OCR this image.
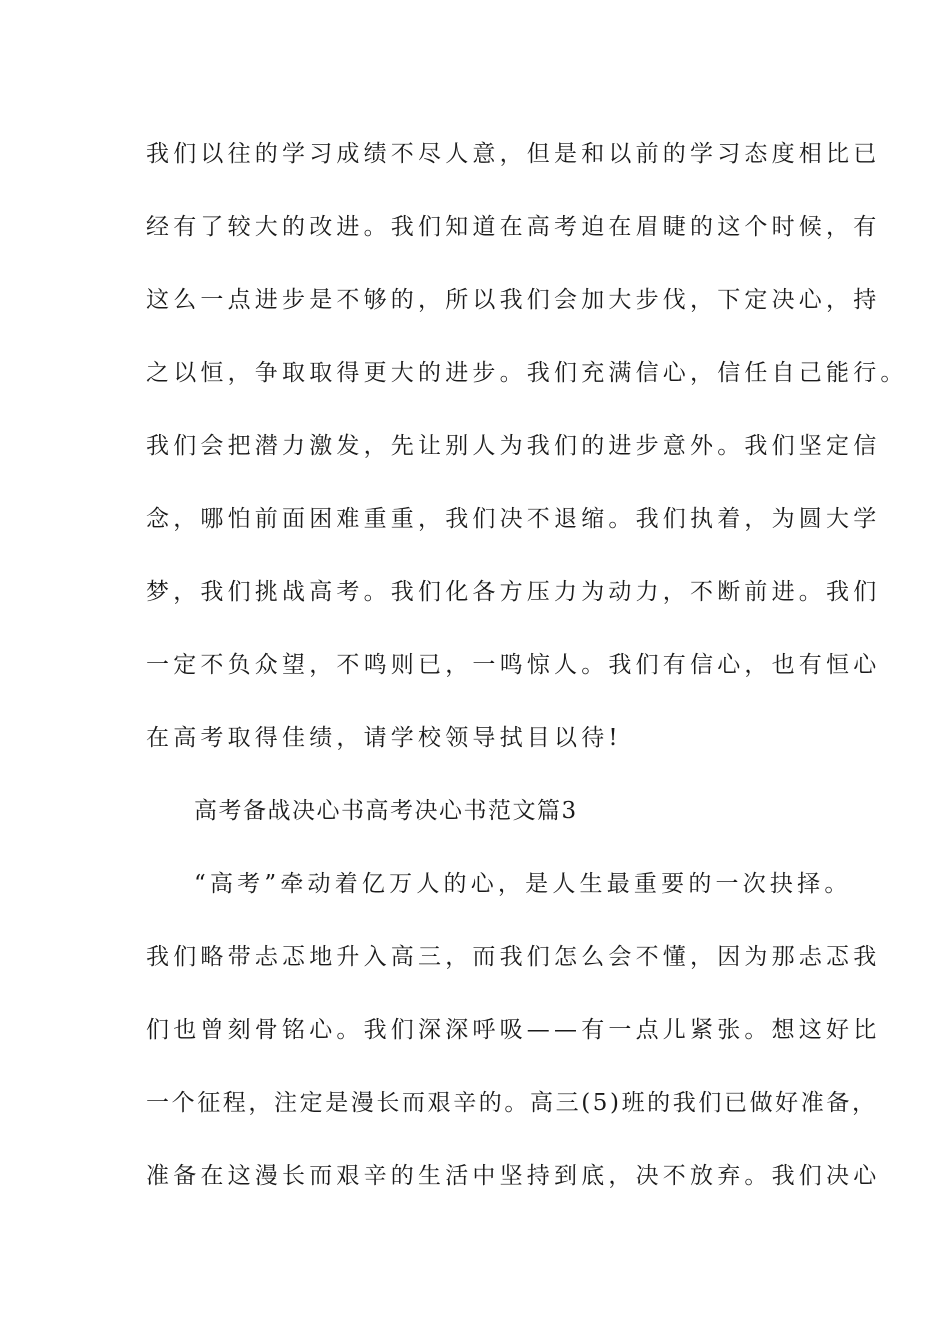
我们以往的学习成绩不尽人意，但是和以前的学习态度相比已
经有了较大的改进。我们知道在高考迫在眉睫的这个时候，有
这么一点进步是不够的，所以我们会加大步伐，下定决心，持
之以恒，争取取得更大的进步。我们充满信心，信任自己能行。
我们会把潜力激发，先让别人为我们的进步意外。我们坚定信
念，哪怕前面困难重重，我们决不退缩。我们执着，为圆大学
梦，我们挑战高考。我们化各方压力为动力，不断前进。我们
一定不负众望，不鸣则已，一鸣惊人。我们有信心，也有恒心
在高考取得佳绩，请学校领导拭目以待!
高考备战决心书高考决心书范文篇3
“高考”牵动着亿万人的心，是人生最重要的一次抉择。
我们略带忐忑地升入高三，而我们怎么会不懂，因为那忐忑我
们也曾刻骨铭心。我们深深呼吸——有一点儿紧张。想这好比
一个征程，注定是漫长而艰辛的。高三(5)班的我们已做好准备，
准备在这漫长而艰辛的生活中坚持到底，决不放弃。我们决心
